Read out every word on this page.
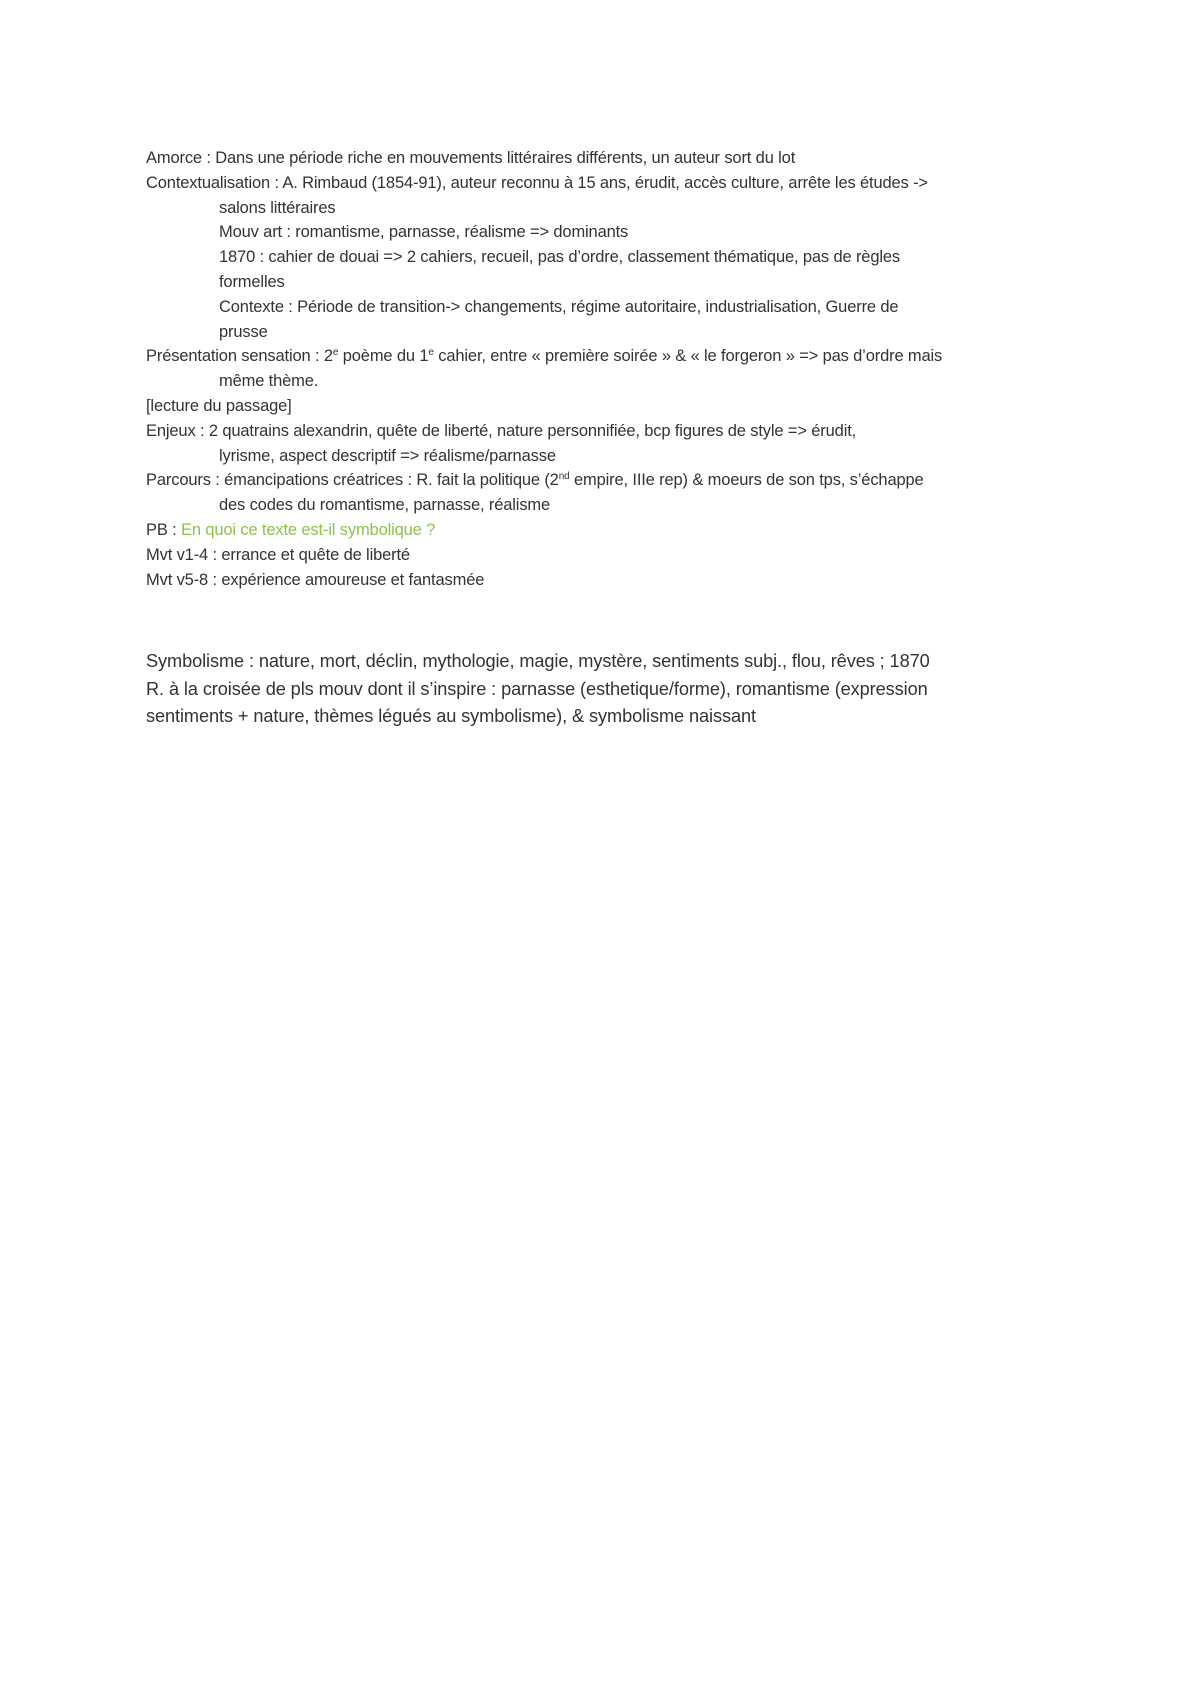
Amorce : Dans une période riche en mouvements littéraires différents, un auteur sort du lot

Contextualisation : A. Rimbaud (1854-91), auteur reconnu à 15 ans, érudit, accès culture, arrête les études ->

salons littéraires

Mouv art : romantisme, parnasse, réalisme => dominants

1870 : cahier de douai => 2 cahiers, recueil, pas d’ordre, classement thématique, pas de règles

formelles

Contexte : Période de transition-> changements, régime autoritaire, industrialisation, Guerre de

prusse

Présentation sensation : 2e poème du 1e cahier, entre « première soirée » & « le forgeron » => pas d’ordre mais

même thème.

[lecture du passage]

Enjeux : 2 quatrains alexandrin, quête de liberté, nature personnifiée, bcp figures de style => érudit,

lyrisme, aspect descriptif => réalisme/parnasse

Parcours : émancipations créatrices : R. fait la politique (2nd empire, IIIe rep) & moeurs de son tps, s’échappe

des codes du romantisme, parnasse, réalisme

PB : En quoi ce texte est-il symbolique ?

Mvt v1-4 : errance et quête de liberté

Mvt v5-8 : expérience amoureuse et fantasmée

Symbolisme : nature, mort, déclin, mythologie, magie, mystère, sentiments subj., flou, rêves ; 1870

R. à la croisée de pls mouv dont il s’inspire : parnasse (esthetique/forme), romantisme (expression

sentiments + nature, thèmes légués au symbolisme), & symbolisme naissant
